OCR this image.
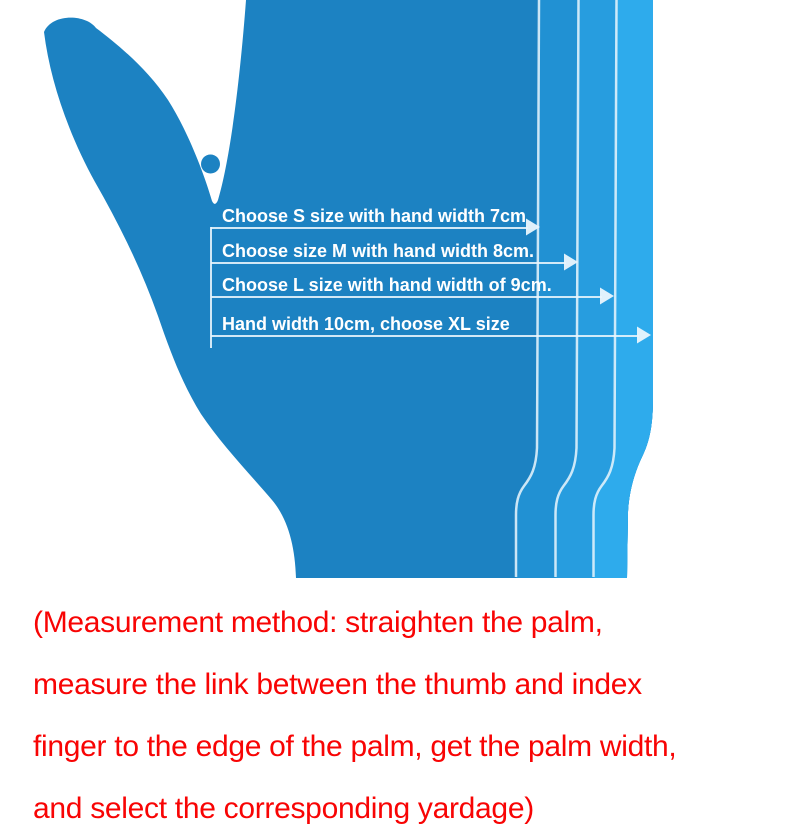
Choose S size with hand width 7cm
Choose size M with hand width 8cm.
Choose L size with hand width of 9cm.
Hand width 10cm, choose XL size
(Measurement method: straighten the palm,
measure the link between the thumb and index
finger to the edge of the palm, get the palm width,
and select the corresponding yardage)
